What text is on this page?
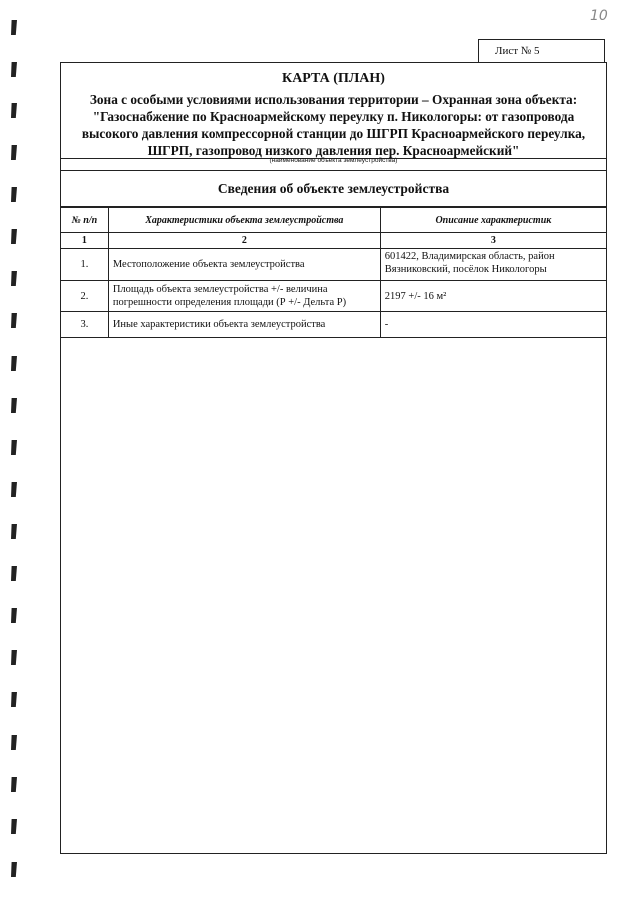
10
Лист № 5
КАРТА (ПЛАН)
Зона с особыми условиями использования территории – Охранная зона объекта: "Газоснабжение по Красноармейскому переулку п. Никологоры: от газопровода высокого давления компрессорной станции до ШГРП Красноармейского переулка, ШГРП, газопровод низкого давления пер. Красноармейский"
(наименование объекта землеустройства)
Сведения об объекте землеустройства
№ п/п	Характеристики объекта землеустройства	Описание характеристик
1	2	3
1.	Местоположение объекта землеустройства	601422, Владимирская область, район Вязниковский, посёлок Никологоры
2.	Площадь объекта землеустройства +/- величина погрешности определения площади (Р +/- Дельта Р)	2197 +/- 16 м²
3.	Иные характеристики объекта землеустройства	-
